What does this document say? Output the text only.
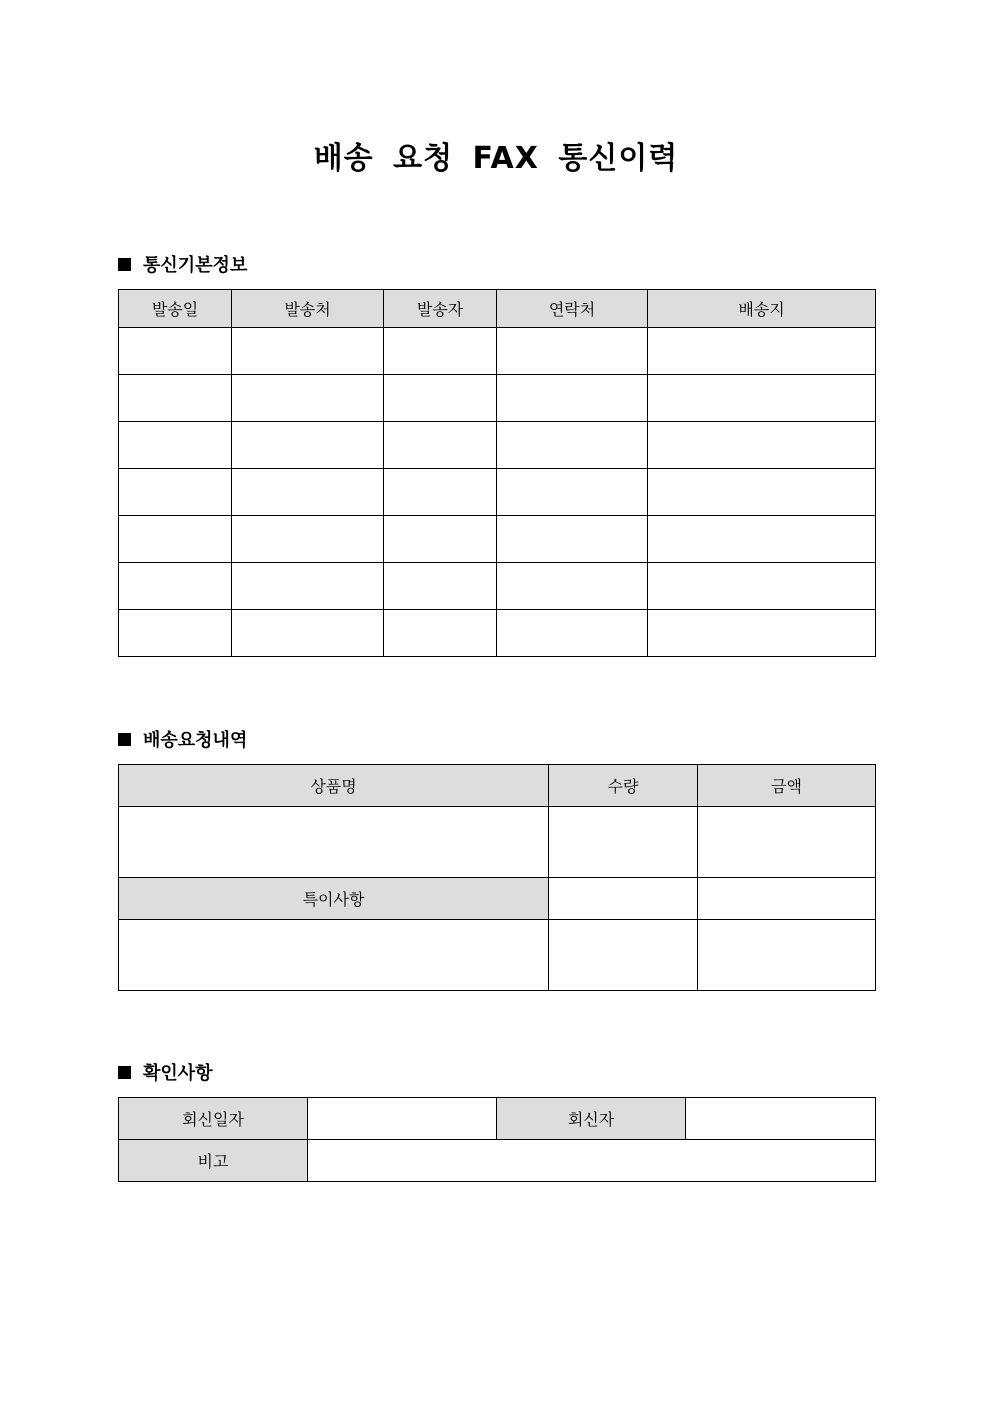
배송 요청 FAX 통신이력
통신기본정보
발송일	발송처	발송자	연락처	배송지

배송요청내역
상품명	수량	금액

특이사항		

확인사항
회신일자		회신자	
비고			
